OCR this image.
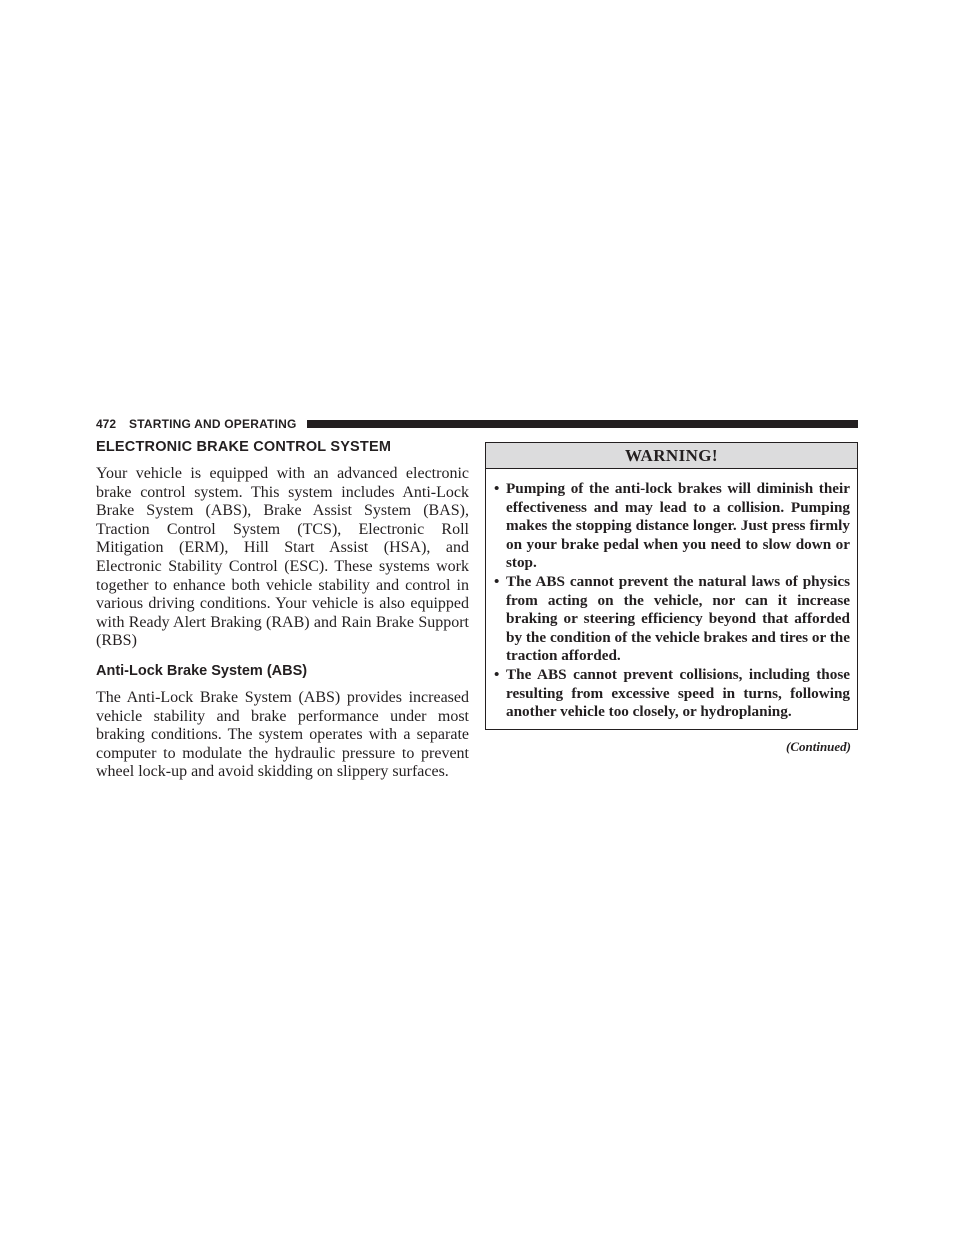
472 STARTING AND OPERATING
ELECTRONIC BRAKE CONTROL SYSTEM

Your vehicle is equipped with an advanced electronic brake control system. This system includes Anti-Lock Brake System (ABS), Brake Assist System (BAS), Traction Control System (TCS), Electronic Roll Mitigation (ERM), Hill Start Assist (HSA), and Electronic Stability Control (ESC). These systems work together to enhance both vehicle stability and control in various driving conditions. Your vehicle is also equipped with Ready Alert Braking (RAB) and Rain Brake Support (RBS)

Anti-Lock Brake System (ABS)

The Anti-Lock Brake System (ABS) provides increased vehicle stability and brake performance under most braking conditions. The system operates with a separate computer to modulate the hydraulic pressure to prevent wheel lock-up and avoid skidding on slippery surfaces.

WARNING!
• Pumping of the anti-lock brakes will diminish their effectiveness and may lead to a collision. Pumping makes the stopping distance longer. Just press firmly on your brake pedal when you need to slow down or stop.
• The ABS cannot prevent the natural laws of physics from acting on the vehicle, nor can it increase braking or steering efficiency beyond that afforded by the condition of the vehicle brakes and tires or the traction afforded.
• The ABS cannot prevent collisions, including those resulting from excessive speed in turns, following another vehicle too closely, or hydroplaning.
(Continued)
